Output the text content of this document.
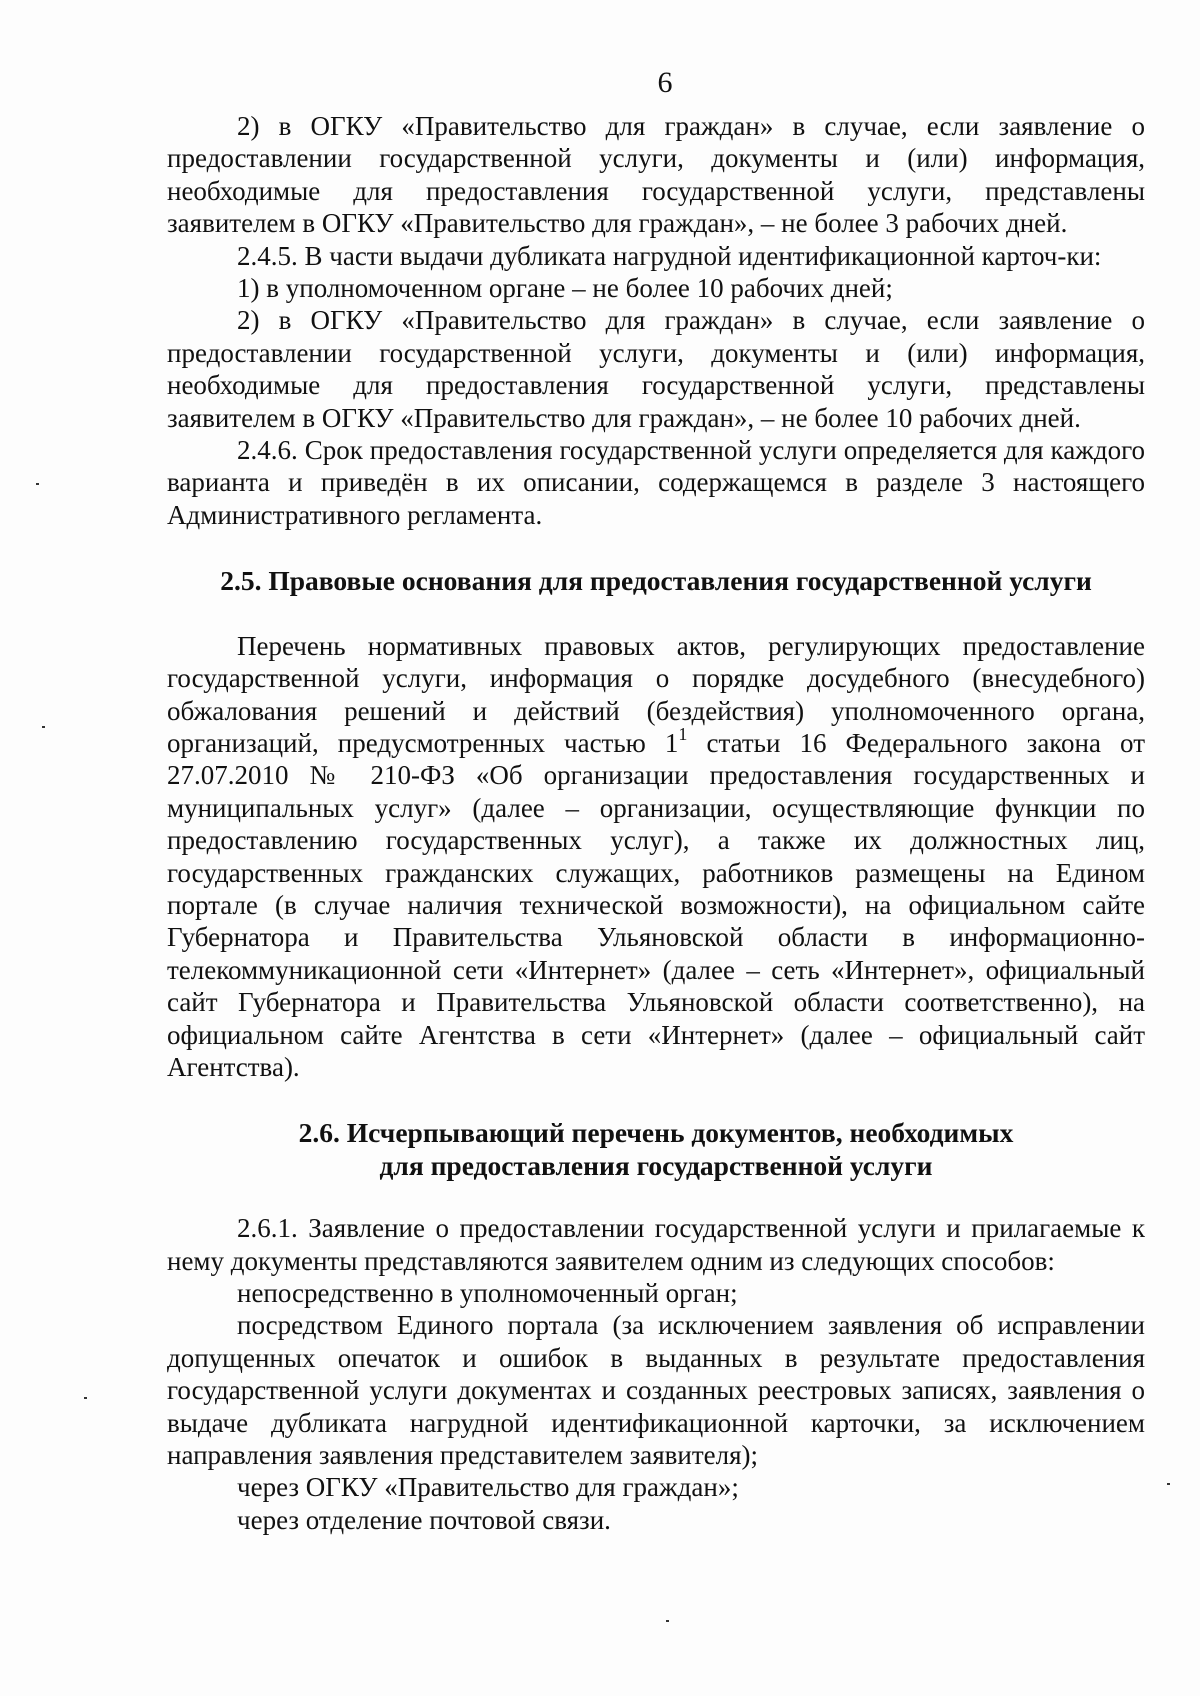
6

2) в ОГКУ «Правительство для граждан» в случае, если заявление о предоставлении государственной услуги, документы и (или) информация, необходимые для предоставления государственной услуги, представлены заявителем в ОГКУ «Правительство для граждан», – не более 3 рабочих дней.

2.4.5. В части выдачи дубликата нагрудной идентификационной карточ-ки:

1) в уполномоченном органе – не более 10 рабочих дней;

2) в ОГКУ «Правительство для граждан» в случае, если заявление о предоставлении государственной услуги, документы и (или) информация, необходимые для предоставления государственной услуги, представлены заявителем в ОГКУ «Правительство для граждан», – не более 10 рабочих дней.

2.4.6. Срок предоставления государственной услуги определяется для каждого варианта и приведён в их описании, содержащемся в разделе 3 настоящего Административного регламента.

2.5. Правовые основания для предоставления государственной услуги

Перечень нормативных правовых актов, регулирующих предоставление государственной услуги, информация о порядке досудебного (внесудебного) обжалования решений и действий (бездействия) уполномоченного органа, организаций, предусмотренных частью $1^1$ статьи 16 Федерального закона от 27.07.2010 № 210-ФЗ «Об организации предоставления государственных и муниципальных услуг» (далее – организации, осуществляющие функции по предоставлению государственных услуг), а также их должностных лиц, государственных гражданских служащих, работников размещены на Едином портале (в случае наличия технической возможности), на официальном сайте Губернатора и Правительства Ульяновской области в информационно-телекоммуникационной сети «Интернет» (далее – сеть «Интернет», официальный сайт Губернатора и Правительства Ульяновской области соответственно), на официальном сайте Агентства в сети «Интернет» (далее – официальный сайт Агентства).

2.6. Исчерпывающий перечень документов, необходимых
для предоставления государственной услуги

2.6.1. Заявление о предоставлении государственной услуги и прилагаемые к нему документы представляются заявителем одним из следующих способов:

непосредственно в уполномоченный орган;

посредством Единого портала (за исключением заявления об исправлении допущенных опечаток и ошибок в выданных в результате предоставления государственной услуги документах и созданных реестровых записях, заявления о выдаче дубликата нагрудной идентификационной карточки, за исключением направления заявления представителем заявителя);

через ОГКУ «Правительство для граждан»;

через отделение почтовой связи.
